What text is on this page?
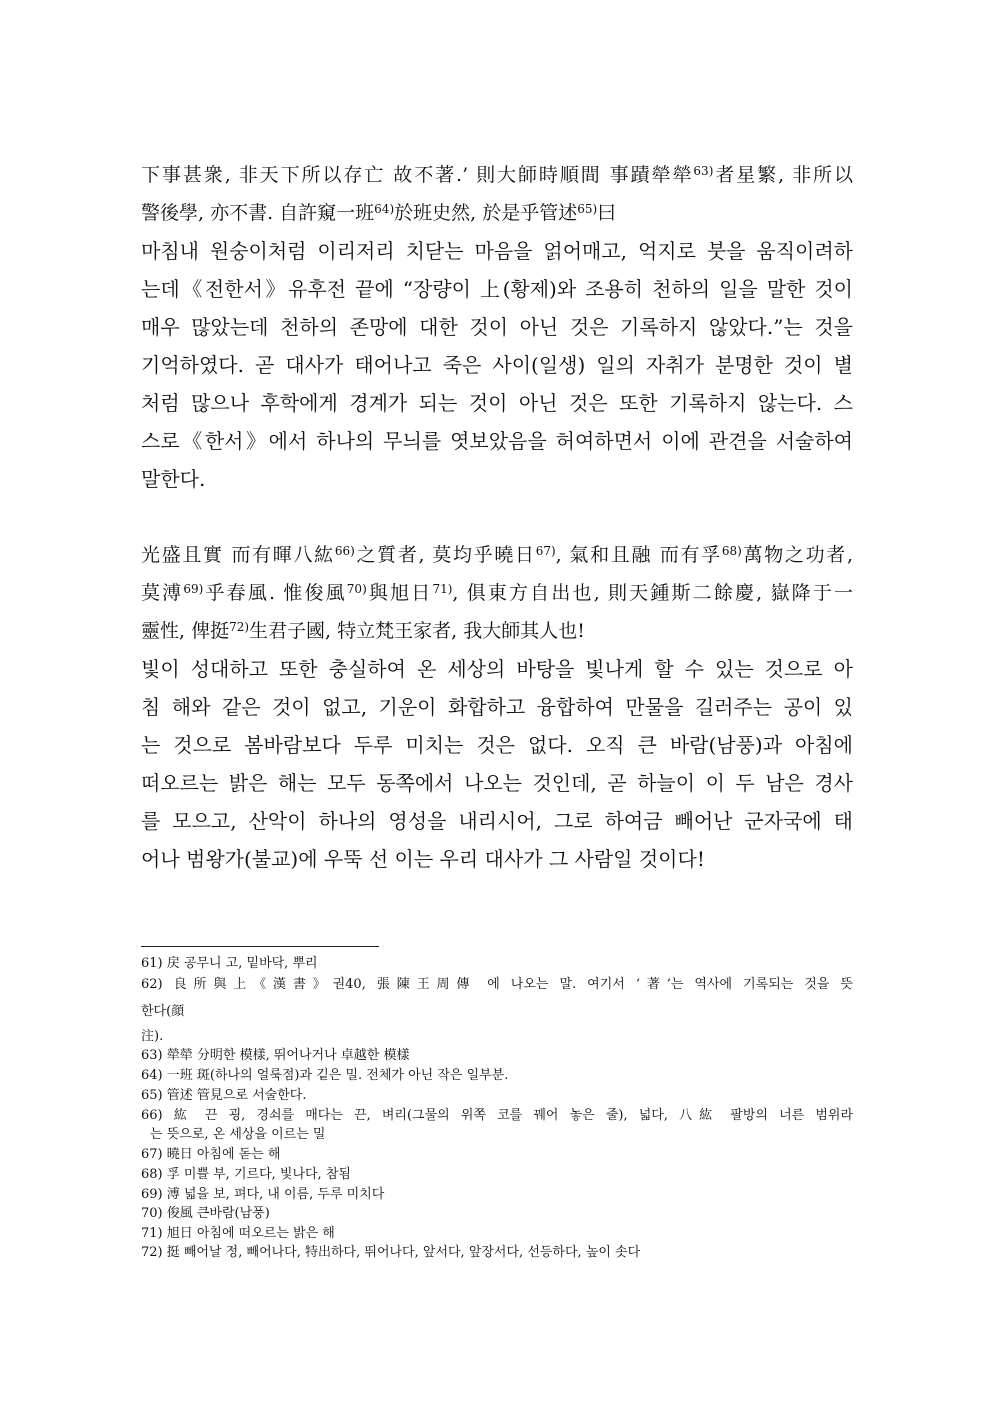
下事甚衆, 非天下所以存亡 故不著.’ 則大師時順間 事蹟犖犖$^{63)}$者星繁, 非所以
警後學, 亦不書. 自許窺一班$^{64)}$於班史然, 於是乎管述$^{65)}$曰
마침내 원숭이처럼 이리저리 치닫는 마음을 얽어매고, 억지로 붓을 움직이려하
는데《전한서》유후전 끝에 “장량이 上(황제)와 조용히 천하의 일을 말한 것이
매우 많았는데 천하의 존망에 대한 것이 아닌 것은 기록하지 않았다.”는 것을
기억하였다. 곧 대사가 태어나고 죽은 사이(일생) 일의 자취가 분명한 것이 별
처럼 많으나 후학에게 경계가 되는 것이 아닌 것은 또한 기록하지 않는다. 스
스로《한서》에서 하나의 무늬를 엿보았음을 허여하면서 이에 관견을 서술하여
말한다.
光盛且實 而有暉八紘$^{66)}$之質者, 莫均乎曉日$^{67)}$, 氣和且融 而有孚$^{68)}$萬物之功者,
莫溥$^{69)}$乎春風. 惟俊風$^{70)}$與旭日$^{71)}$, 俱東方自出也, 則天鍾斯二餘慶, 嶽降于一
靈性, 俾挺$^{72)}$生君子國, 特立梵王家者, 我大師其人也!
빛이 성대하고 또한 충실하여 온 세상의 바탕을 빛나게 할 수 있는 것으로 아
침 해와 같은 것이 없고, 기운이 화합하고 융합하여 만물을 길러주는 공이 있
는 것으로 봄바람보다 두루 미치는 것은 없다. 오직 큰 바람(남풍)과 아침에
떠오르는 밝은 해는 모두 동쪽에서 나오는 것인데, 곧 하늘이 이 두 남은 경사
를 모으고, 산악이 하나의 영성을 내리시어, 그로 하여금 빼어난 군자국에 태
어나 범왕가(불교)에 우뚝 선 이는 우리 대사가 그 사람일 것이다!
61) 戻 공무니 고, 밑바닥, 뿌리
62) 良所與上《漢書》권40, 張陳王周傳 에 나오는 말. 여기서 ‘著’는 역사에 기록되는 것을 뜻
한다(顔
注).
63) 犖犖 分明한 模樣, 뛰어나거나 卓越한 模樣
64) 一班 斑(하나의 얼룩점)과 깉은 밀. 전체가 아닌 작은 일부분.
65) 管述 管見으로 서술한다.
66) 紘 끈 굉, 경쇠를 매다는 끈, 벼리(그물의 위쪽 코를 꿰어 놓은 줄), 넓다, 八紘 팔방의 너른 범위라
는 뜻으로, 온 세상을 이르는 밀
67) 曉日 아침에 돋는 해
68) 孚 미쁠 부, 기르다, 빛나다, 참됨
69) 溥 넓을 보, 펴다, 내 이름, 두루 미치다
70) 俊風 큰바람(남풍)
71) 旭日 아침에 떠오르는 밝은 해
72) 挺 빼어날 정, 빼어나다, 特出하다, 뛰어나다, 앞서다, 앞장서다, 선등하다, 높이 솟다
